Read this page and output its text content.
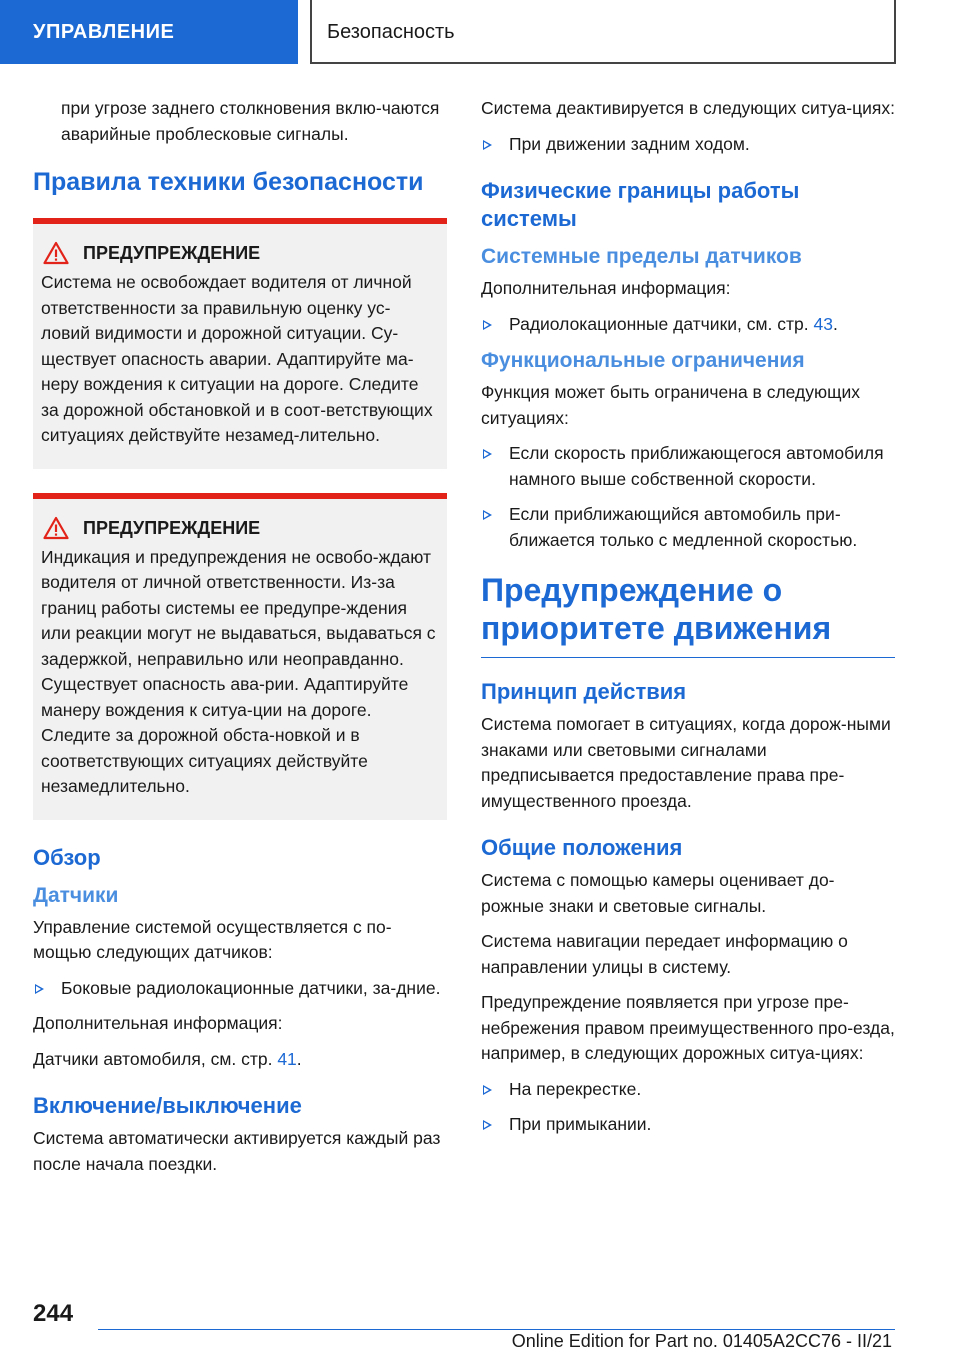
УПРАВЛЕНИЕ	Безопасность

при угрозе заднего столкновения вклю-чаются аварийные проблесковые сигналы.

Правила техники безопасности
ПРЕДУПРЕЖДЕНИЕ

Система не освобождает водителя от личной ответственности за правильную оценку ус-ловий видимости и дорожной ситуации. Су-ществует опасность аварии. Адаптируйте ма-неру вождения к ситуации на дороге. Следите за дорожной обстановкой и в соот-ветствующих ситуациях действуйте незамед-лительно.

ПРЕДУПРЕЖДЕНИЕ

Индикация и предупреждения не освобо-ждают водителя от личной ответственности. Из-за границ работы системы ее предупре-ждения или реакции могут не выдаваться, выдаваться с задержкой, неправильно или неоправданно. Существует опасность ава-рии. Адаптируйте манеру вождения к ситуа-ции на дороге. Следите за дорожной обста-новкой и в соответствующих ситуациях действуйте незамедлительно.

Обзор
Датчики

Управление системой осуществляется с по-мощью следующих датчиков:

Боковые радиолокационные датчики, за-дние.

Дополнительная информация:

Датчики автомобиля, см. стр. 41.

Включение/выключение

Система автоматически активируется каждый раз после начала поездки.

Система деактивируется в следующих ситуа-циях:

При движении задним ходом.

Физические границы работы системы
Системные пределы датчиков

Дополнительная информация:

Радиолокационные датчики, см. стр. 43.

Функциональные ограничения

Функция может быть ограничена в следующих ситуациях:

Если скорость приближающегося автомобиля намного выше собственной скорости.

Если приближающийся автомобиль при-ближается только с медленной скоростью.

Предупреждение о приоритете движения
Принцип действия

Система помогает в ситуациях, когда дорож-ными знаками или световыми сигналами предписывается предоставление права пре-имущественного проезда.

Общие положения

Система с помощью камеры оценивает до-рожные знаки и световые сигналы.

Система навигации передает информацию о направлении улицы в систему.

Предупреждение появляется при угрозе пре-небрежения правом преимущественного про-езда, например, в следующих дорожных ситуа-циях:

На перекрестке.

При примыкании.

244
Online Edition for Part no. 01405A2CC76 - II/21
